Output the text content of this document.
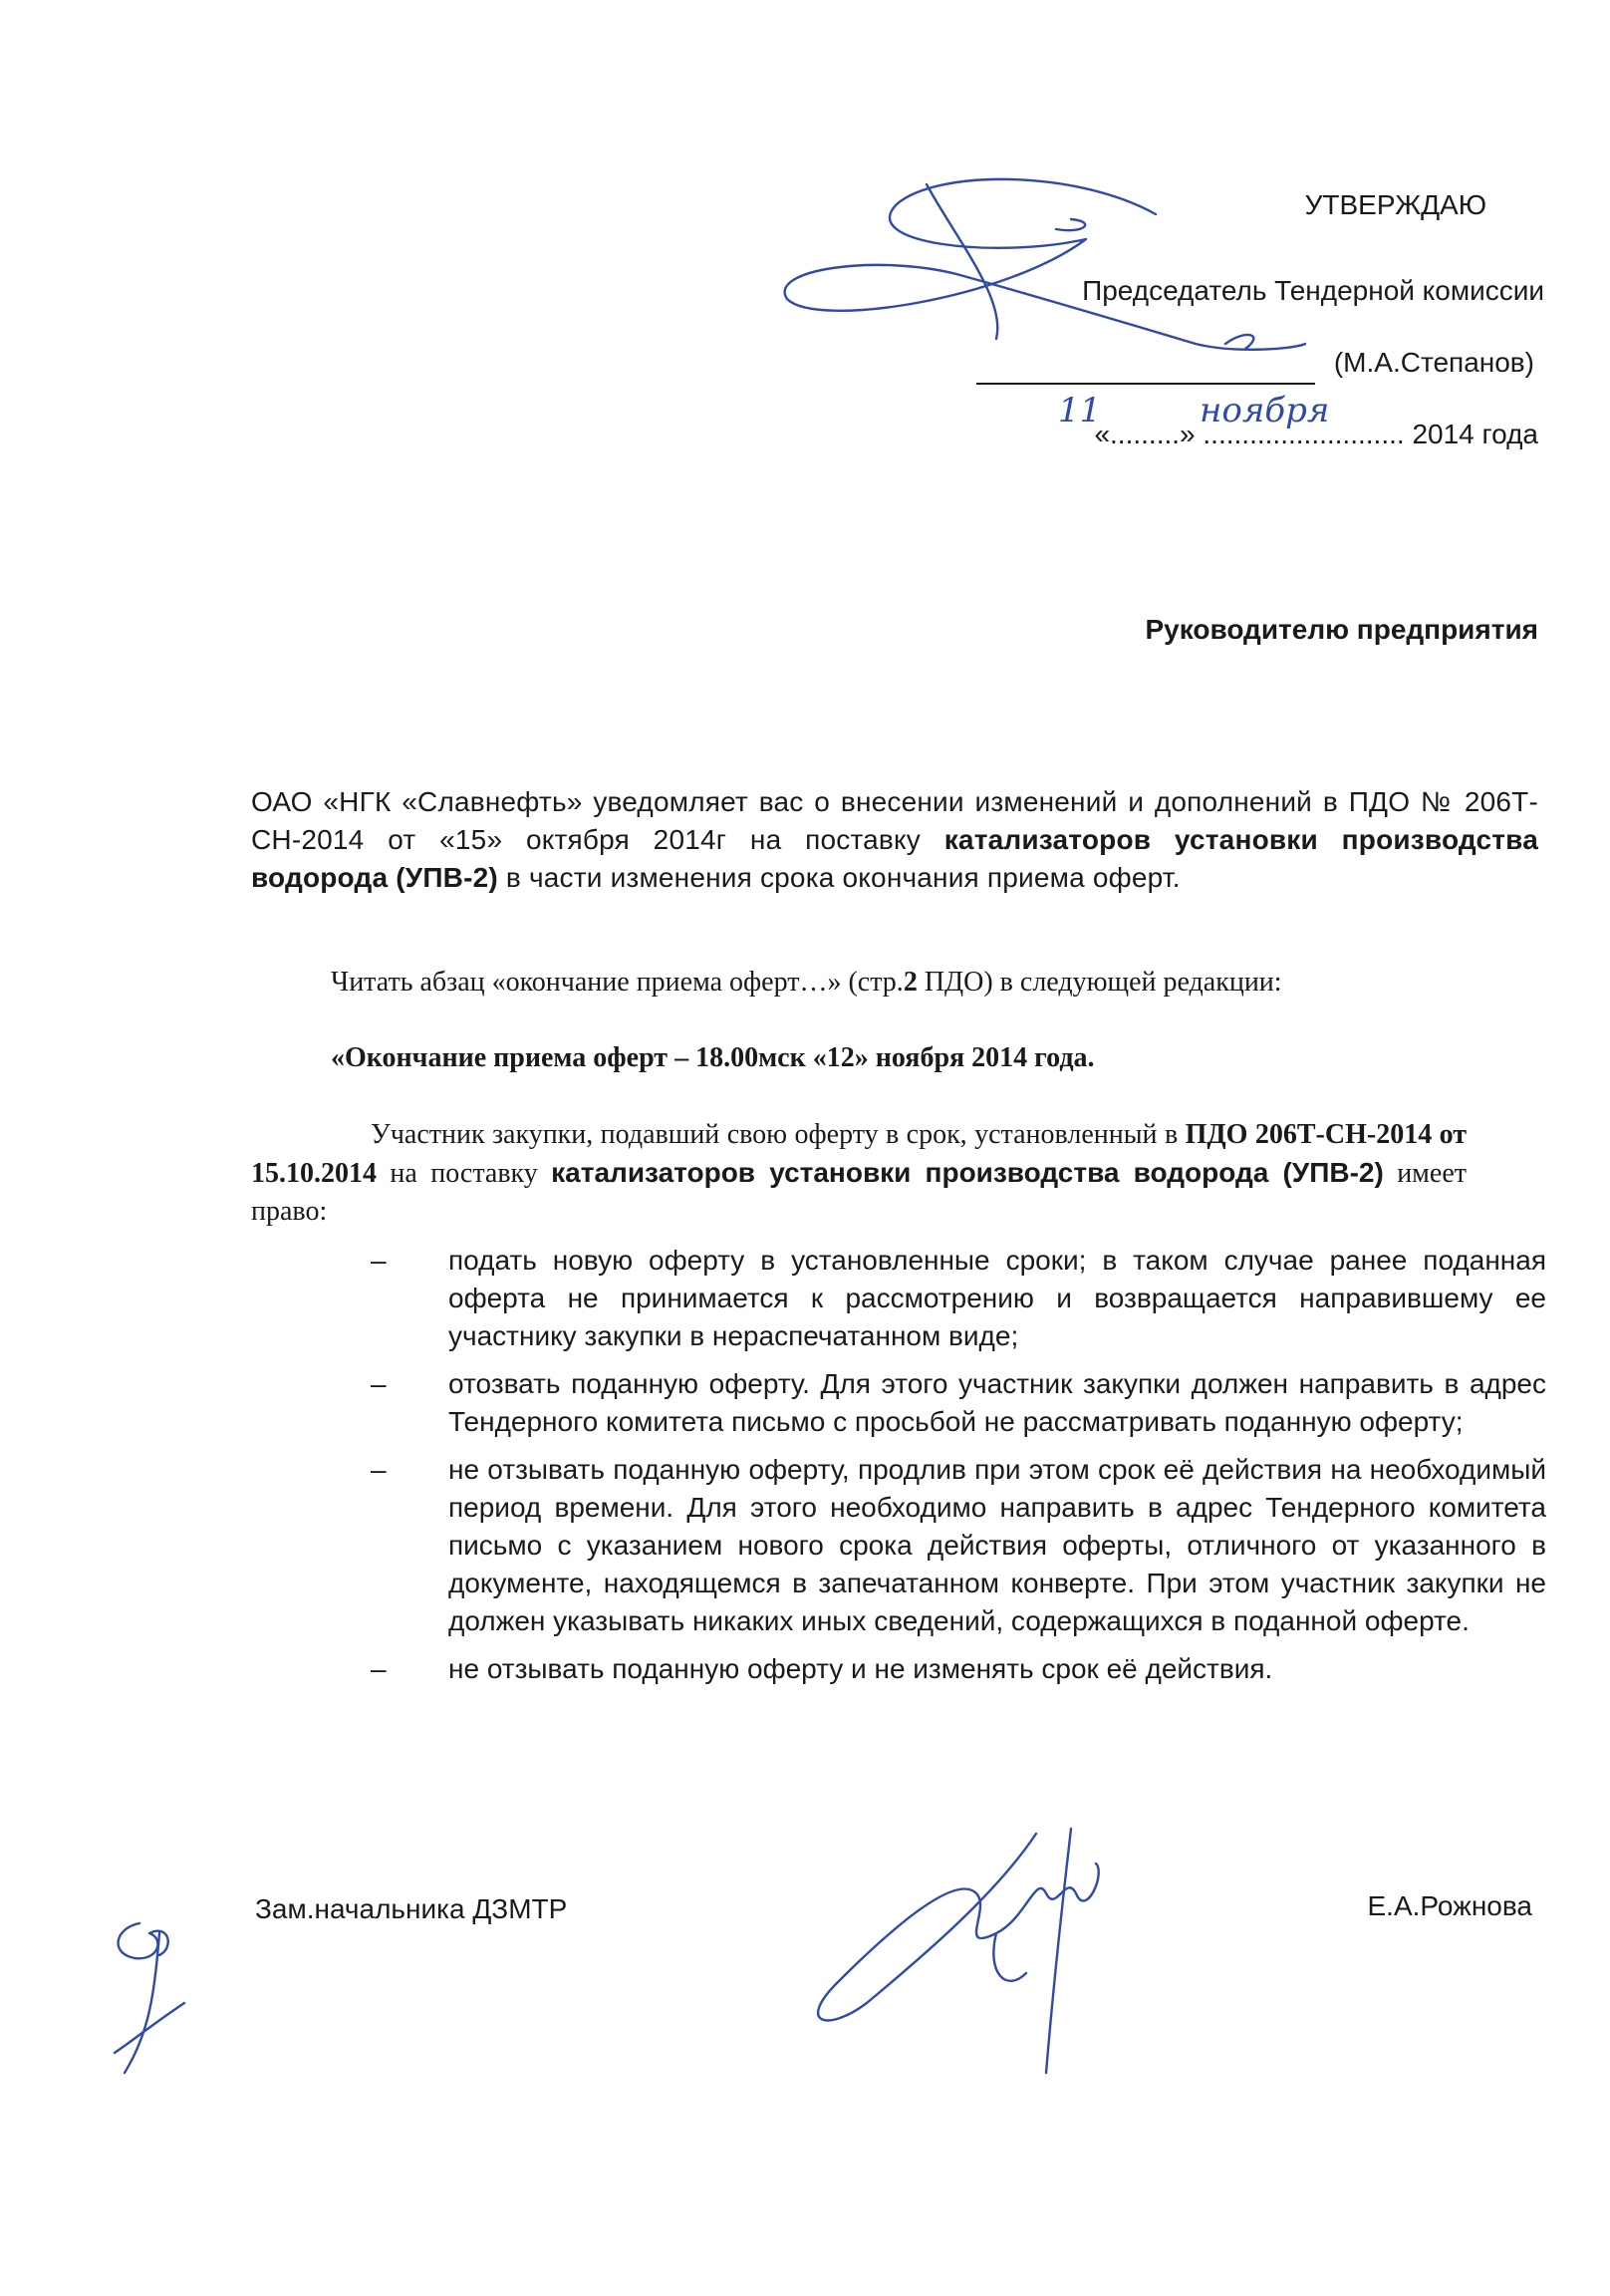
УТВЕРЖДАЮ
Председатель Тендерной комиссии
(М.А.Степанов)
«.........» .......................... 2014 года
11	ноября
Руководителю предприятия
ОАО «НГК «Славнефть» уведомляет вас о внесении изменений и дополнений в ПДО № 206Т-СН-2014 от «15» октября 2014г на поставку катализаторов установки производства водорода (УПВ-2) в части изменения срока окончания приема оферт.
Читать абзац «окончание приема оферт…» (стр.2 ПДО) в следующей редакции:
«Окончание приема оферт – 18.00мск «12» ноября 2014 года.
Участник закупки, подавший свою оферту в срок, установленный в ПДО 206Т-СН-2014 от 15.10.2014 на поставку катализаторов установки производства водорода (УПВ-2) имеет право:
– подать новую оферту в установленные сроки; в таком случае ранее поданная оферта не принимается к рассмотрению и возвращается направившему ее участнику закупки в нераспечатанном виде;
– отозвать поданную оферту. Для этого участник закупки должен направить в адрес Тендерного комитета письмо с просьбой не рассматривать поданную оферту;
– не отзывать поданную оферту, продлив при этом срок её действия на необходимый период времени. Для этого необходимо направить в адрес Тендерного комитета письмо с указанием нового срока действия оферты, отличного от указанного в документе, находящемся в запечатанном конверте. При этом участник закупки не должен указывать никаких иных сведений, содержащихся в поданной оферте.
– не отзывать поданную оферту и не изменять срок её действия.
Зам.начальника ДЗМТР	Е.А.Рожнова
